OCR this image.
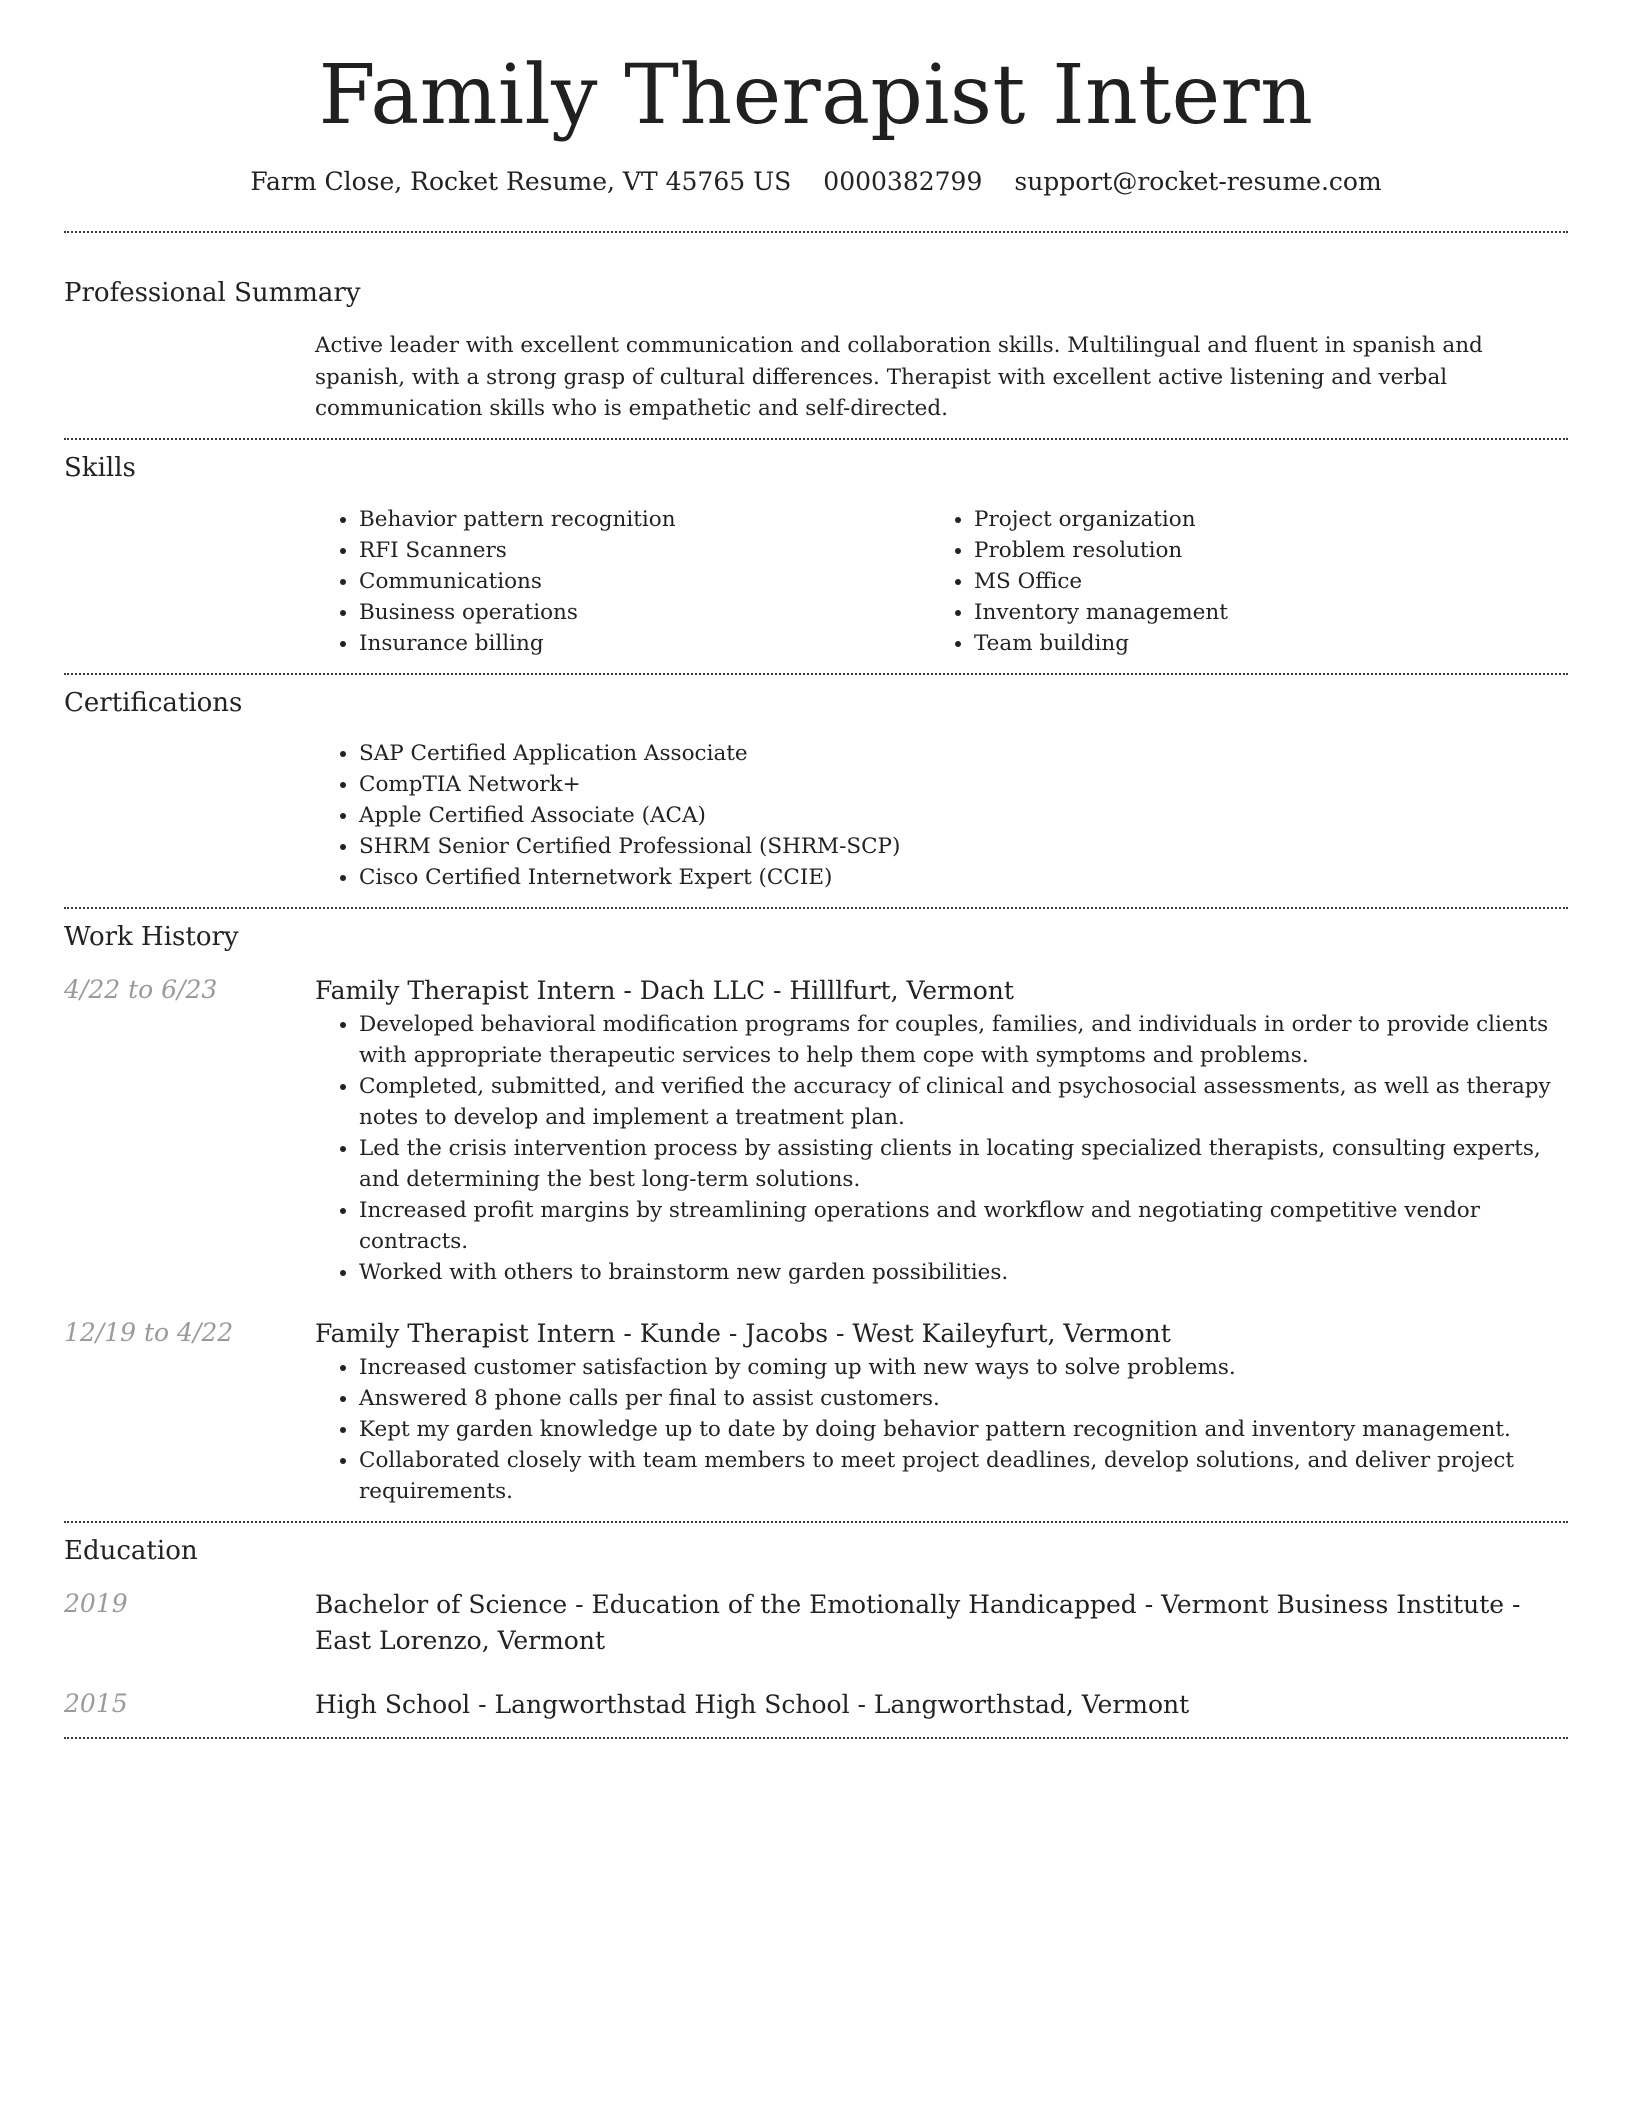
Family Therapist Intern
Farm Close, Rocket Resume, VT 45765 US 0000382799 support@rocket-resume.com
Professional Summary
Active leader with excellent communication and collaboration skills. Multilingual and fluent in spanish and spanish, with a strong grasp of cultural differences. Therapist with excellent active listening and verbal communication skills who is empathetic and self-directed.
Skills
• Behavior pattern recognition
• RFI Scanners
• Communications
• Business operations
• Insurance billing
• Project organization
• Problem resolution
• MS Office
• Inventory management
• Team building
Certifications
• SAP Certified Application Associate
• CompTIA Network+
• Apple Certified Associate (ACA)
• SHRM Senior Certified Professional (SHRM-SCP)
• Cisco Certified Internetwork Expert (CCIE)
Work History
4/22 to 6/23	Family Therapist Intern - Dach LLC - Hilllfurt, Vermont
• Developed behavioral modification programs for couples, families, and individuals in order to provide clients with appropriate therapeutic services to help them cope with symptoms and problems.
• Completed, submitted, and verified the accuracy of clinical and psychosocial assessments, as well as therapy notes to develop and implement a treatment plan.
• Led the crisis intervention process by assisting clients in locating specialized therapists, consulting experts, and determining the best long-term solutions.
• Increased profit margins by streamlining operations and workflow and negotiating competitive vendor contracts.
• Worked with others to brainstorm new garden possibilities.
12/19 to 4/22	Family Therapist Intern - Kunde - Jacobs - West Kaileyfurt, Vermont
• Increased customer satisfaction by coming up with new ways to solve problems.
• Answered 8 phone calls per final to assist customers.
• Kept my garden knowledge up to date by doing behavior pattern recognition and inventory management.
• Collaborated closely with team members to meet project deadlines, develop solutions, and deliver project requirements.
Education
2019	Bachelor of Science - Education of the Emotionally Handicapped - Vermont Business Institute - East Lorenzo, Vermont
2015	High School - Langworthstad High School - Langworthstad, Vermont
